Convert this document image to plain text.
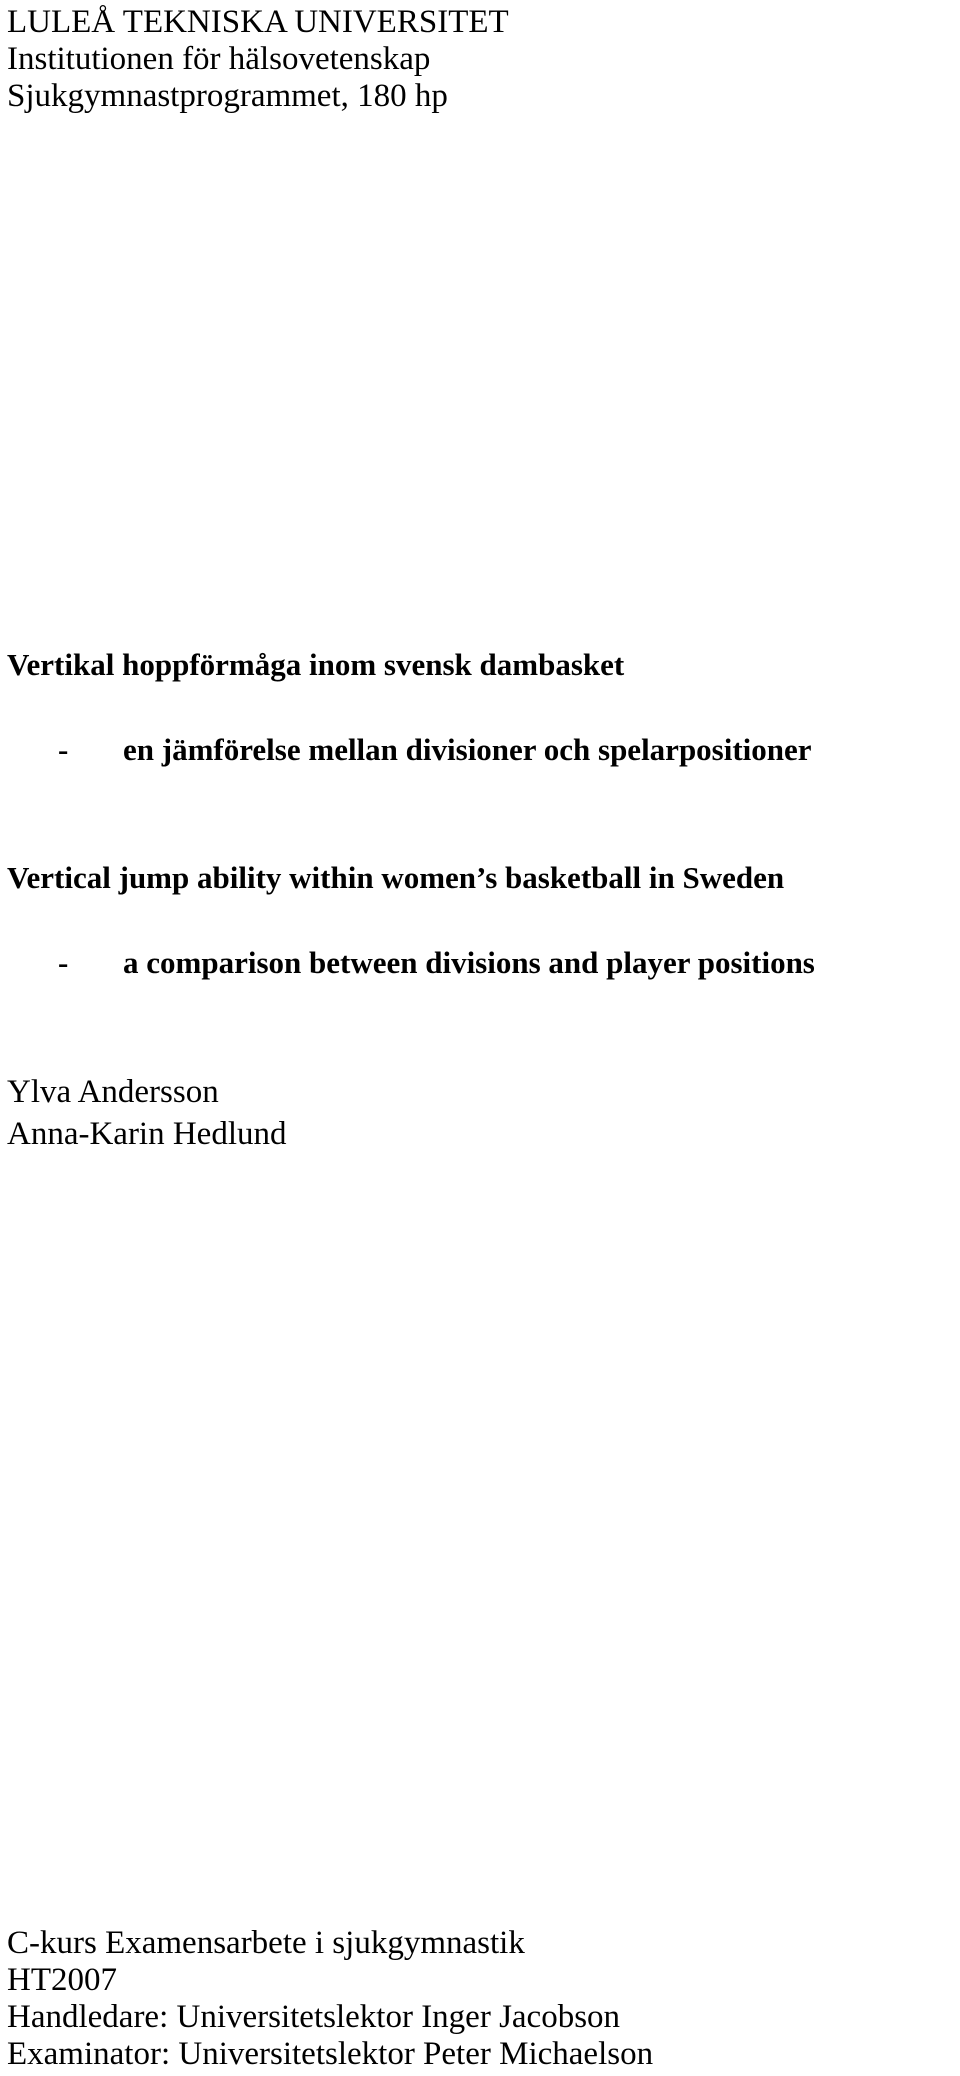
LULEÅ TEKNISKA UNIVERSITET
Institutionen för hälsovetenskap
Sjukgymnastprogrammet, 180 hp
Vertikal hoppförmåga inom svensk dambasket
- en jämförelse mellan divisioner och spelarpositioner
Vertical jump ability within women’s basketball in Sweden
- a comparison between divisions and player positions
Ylva Andersson
Anna-Karin Hedlund
C-kurs Examensarbete i sjukgymnastik
HT2007
Handledare: Universitetslektor Inger Jacobson
Examinator: Universitetslektor Peter Michaelson
